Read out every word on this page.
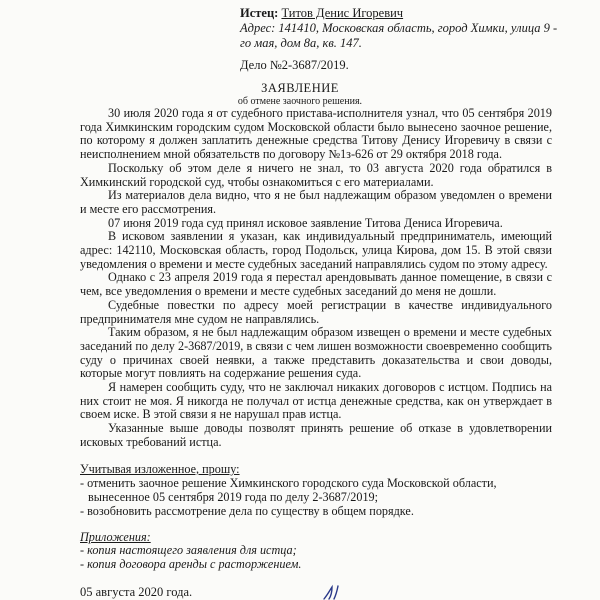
Истец: Титов Денис Игоревич
Адрес: 141410, Московская область, город Химки, улица 9 - го мая, дом 8а, кв. 147.
Дело №2-3687/2019.
ЗАЯВЛЕНИЕ
об отмене заочного решения.

30 июля 2020 года я от судебного пристава-исполнителя узнал, что 05 сентября 2019 года Химкинским городским судом Московской области было вынесено заочное решение, по которому я должен заплатить денежные средства Титову Денису Игоревичу в связи с неисполнением мной обязательств по договору №1з-626 от 29 октября 2018 года.

Поскольку об этом деле я ничего не знал, то 03 августа 2020 года обратился в Химкинский городской суд, чтобы ознакомиться с его материалами.

Из материалов дела видно, что я не был надлежащим образом уведомлен о времени и месте его рассмотрения.

07 июня 2019 года суд принял исковое заявление Титова Дениса Игоревича.

В исковом заявлении я указан, как индивидуальный предприниматель, имеющий адрес: 142110, Московская область, город Подольск, улица Кирова, дом 15. В этой связи уведомления о времени и месте судебных заседаний направлялись судом по этому адресу.

Однако с 23 апреля 2019 года я перестал арендовывать данное помещение, в связи с чем, все уведомления о времени и месте судебных заседаний до меня не дошли.

Судебные повестки по адресу моей регистрации в качестве индивидуального предпринимателя мне судом не направлялись.

Таким образом, я не был надлежащим образом извещен о времени и месте судебных заседаний по делу 2-3687/2019, в связи с чем лишен возможности своевременно сообщить суду о причинах своей неявки, а также представить доказательства и свои доводы, которые могут повлиять на содержание решения суда.

Я намерен сообщить суду, что не заключал никаких договоров с истцом. Подпись на них стоит не моя. Я никогда не получал от истца денежные средства, как он утверждает в своем иске. В этой связи я не нарушал прав истца.

Указанные выше доводы позволят принять решение об отказе в удовлетворении исковых требований истца.

Учитывая изложенное, прошу:
- отменить заочное решение Химкинского городского суда Московской области, вынесенное 05 сентября 2019 года по делу 2-3687/2019;
- возобновить рассмотрение дела по существу в общем порядке.
Приложения:
- копия настоящего заявления для истца;
- копия договора аренды с расторжением.
05 августа 2020 года.
